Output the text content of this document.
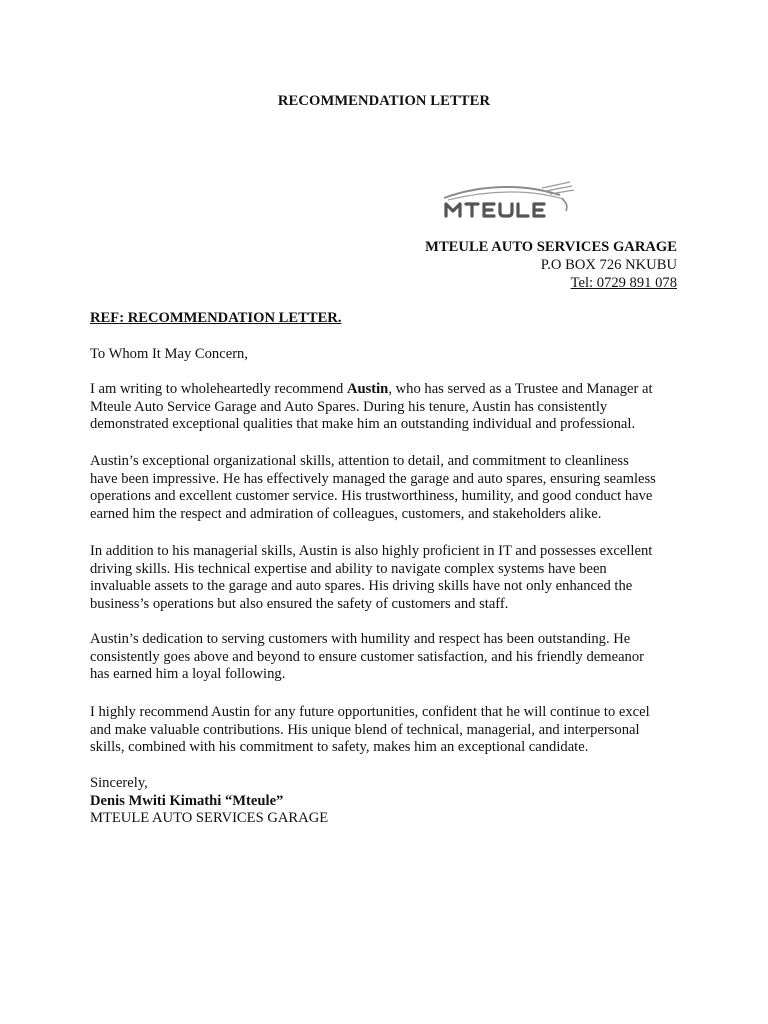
RECOMMENDATION LETTER
MTEULE AUTO SERVICES GARAGE
P.O BOX 726 NKUBU
Tel: 0729 891 078
REF: RECOMMENDATION LETTER.
To Whom It May Concern,
I am writing to wholeheartedly recommend Austin, who has served as a Trustee and Manager at
Mteule Auto Service Garage and Auto Spares. During his tenure, Austin has consistently
demonstrated exceptional qualities that make him an outstanding individual and professional.
Austin’s exceptional organizational skills, attention to detail, and commitment to cleanliness
have been impressive. He has effectively managed the garage and auto spares, ensuring seamless
operations and excellent customer service. His trustworthiness, humility, and good conduct have
earned him the respect and admiration of colleagues, customers, and stakeholders alike.
In addition to his managerial skills, Austin is also highly proficient in IT and possesses excellent
driving skills. His technical expertise and ability to navigate complex systems have been
invaluable assets to the garage and auto spares. His driving skills have not only enhanced the
business’s operations but also ensured the safety of customers and staff.
Austin’s dedication to serving customers with humility and respect has been outstanding. He
consistently goes above and beyond to ensure customer satisfaction, and his friendly demeanor
has earned him a loyal following.
I highly recommend Austin for any future opportunities, confident that he will continue to excel
and make valuable contributions. His unique blend of technical, managerial, and interpersonal
skills, combined with his commitment to safety, makes him an exceptional candidate.
Sincerely,
Denis Mwiti Kimathi “Mteule”
MTEULE AUTO SERVICES GARAGE
